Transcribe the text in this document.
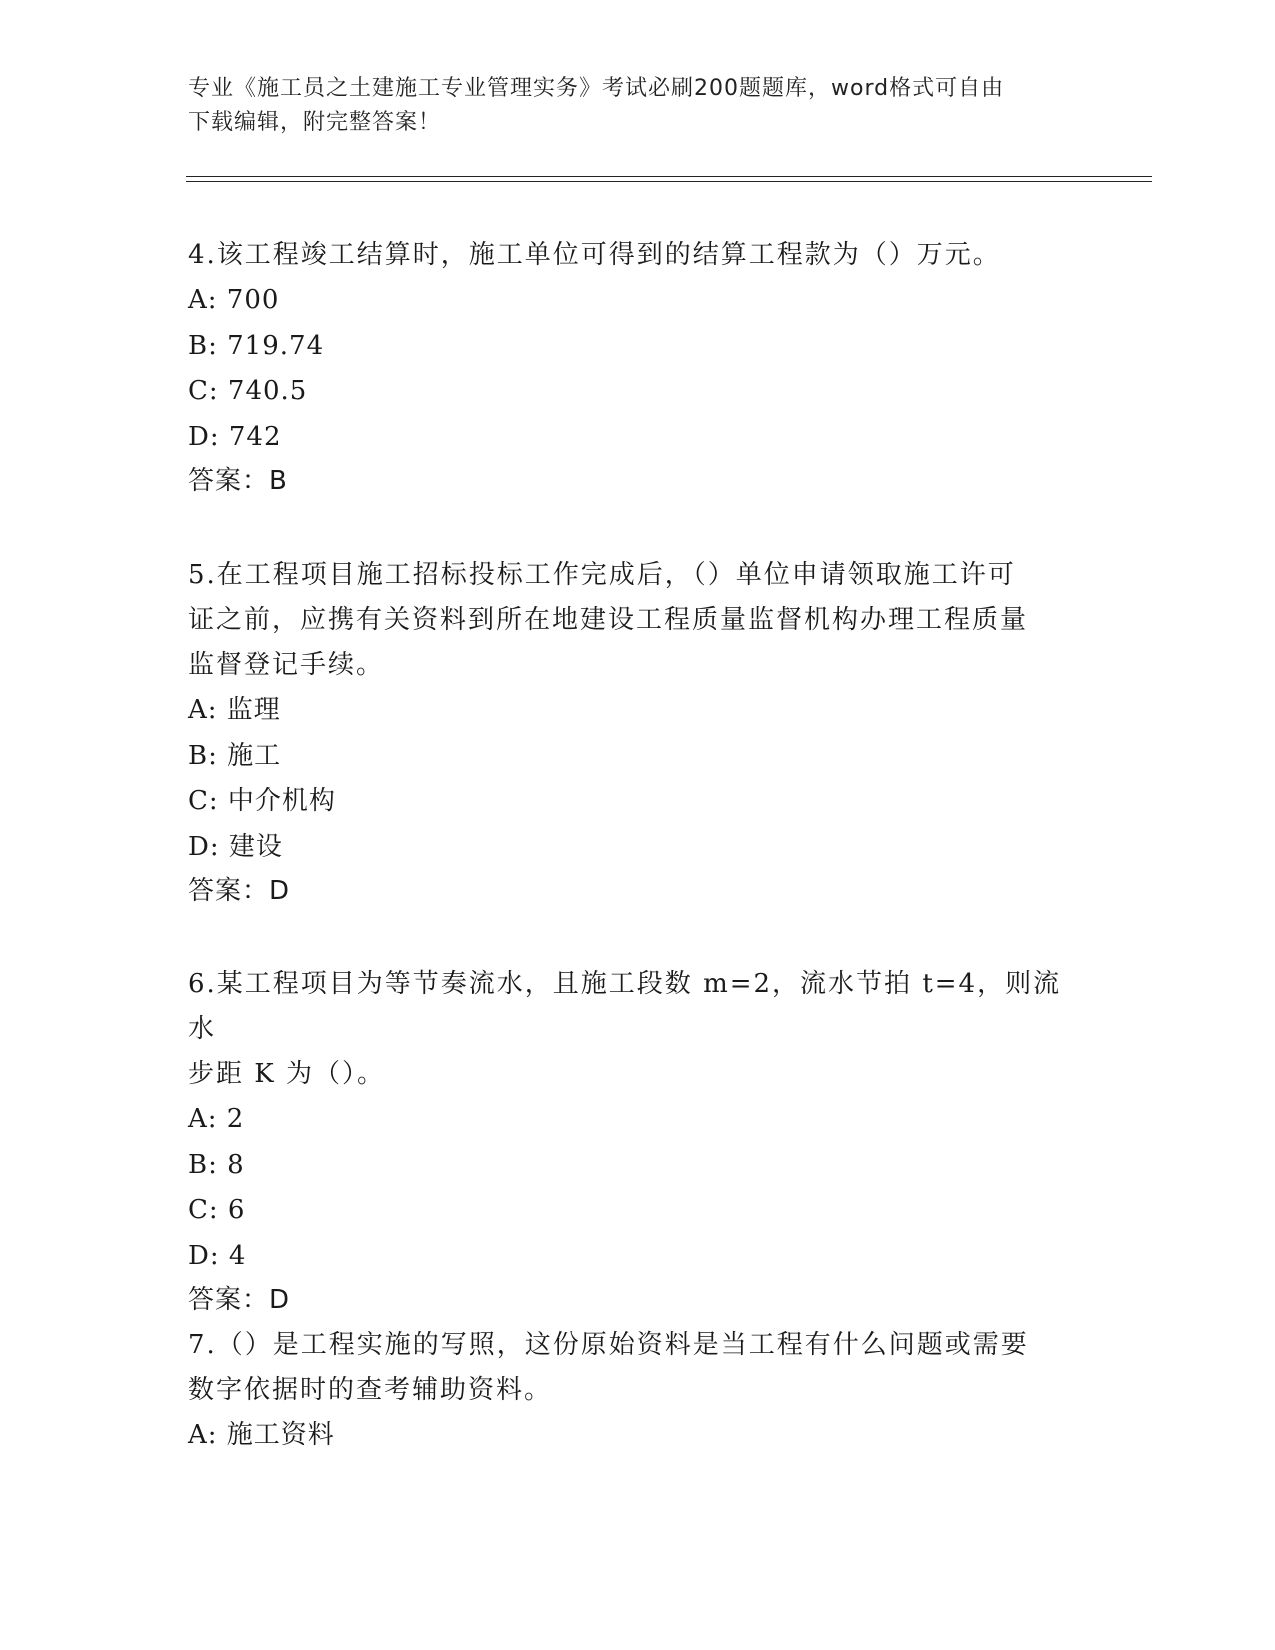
专业《施工员之土建施工专业管理实务》考试必刷200题题库，word格式可自由
下载编辑，附完整答案！

4.该工程竣工结算时，施工单位可得到的结算工程款为（）万元。

A: 700

B: 719.74

C: 740.5

D: 742

答案：B

5.在工程项目施工招标投标工作完成后，（）单位申请领取施工许可

证之前，应携有关资料到所在地建设工程质量监督机构办理工程质量

监督登记手续。

A: 监理

B: 施工

C: 中介机构

D: 建设

答案：D

6.某工程项目为等节奏流水，且施工段数 m=2，流水节拍 t=4，则流水

步距 K 为（）。

A: 2

B: 8

C: 6

D: 4

答案：D

7.（）是工程实施的写照，这份原始资料是当工程有什么问题或需要

数字依据时的查考辅助资料。

A: 施工资料
